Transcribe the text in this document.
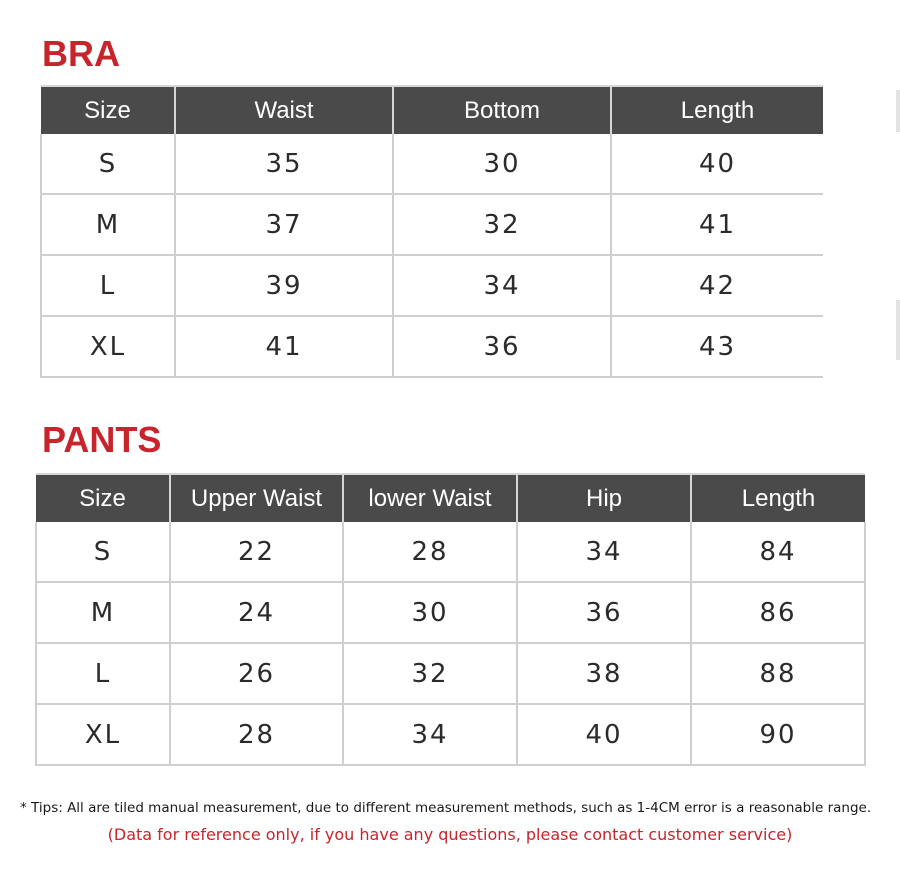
BRA
Size	Waist	Bottom	Length
S	35	30	40
M	37	32	41
L	39	34	42
XL	41	36	43
PANTS
Size	Upper Waist	lower Waist	Hip	Length
S	22	28	34	84
M	24	30	36	86
L	26	32	38	88
XL	28	34	40	90

* Tips: All are tiled manual measurement, due to different measurement methods, such as 1-4CM error is a reasonable range.

(Data for reference only, if you have any questions, please contact customer service)
